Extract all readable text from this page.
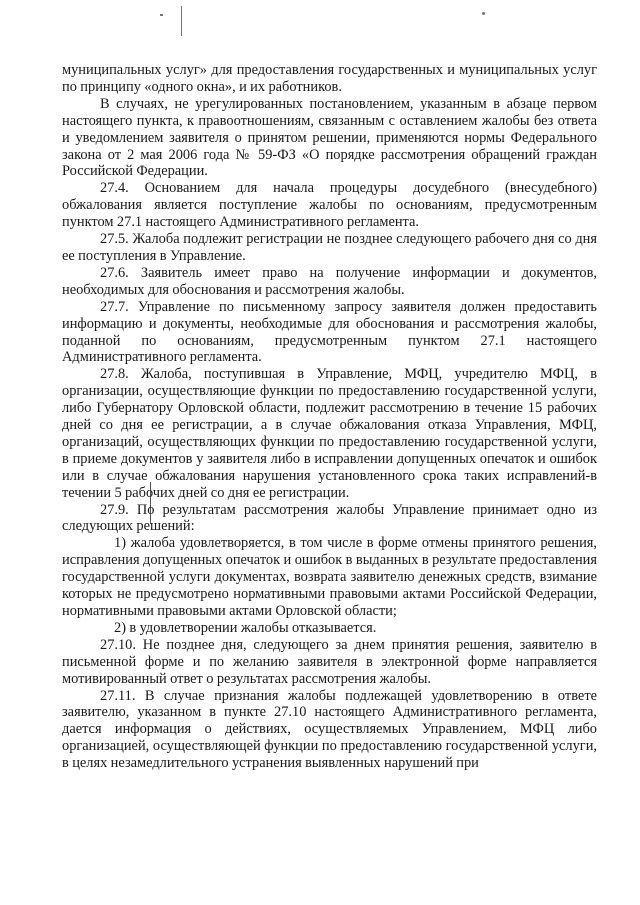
муниципальных услуг» для предоставления государственных и муниципальных услуг по принципу «одного окна», и их работников.

В случаях, не урегулированных постановлением, указанным в абзаце первом настоящего пункта, к правоотношениям, связанным с оставлением жалобы без ответа и уведомлением заявителя о принятом решении, применяются нормы Федерального закона от 2 мая 2006 года № 59-ФЗ «О порядке рассмотрения обращений граждан Российской Федерации.

27.4. Основанием для начала процедуры досудебного (внесудебного) обжалования является поступление жалобы по основаниям, предусмотренным пунктом 27.1 настоящего Административного регламента.

27.5. Жалоба подлежит регистрации не позднее следующего рабочего дня со дня ее поступления в Управление.

27.6. Заявитель имеет право на получение информации и документов, необходимых для обоснования и рассмотрения жалобы.

27.7. Управление по письменному запросу заявителя должен предоставить информацию и документы, необходимые для обоснования и рассмотрения жалобы, поданной по основаниям, предусмотренным пунктом 27.1 настоящего Административного регламента.

27.8. Жалоба, поступившая в Управление, МФЦ, учредителю МФЦ, в организации, осуществляющие функции по предоставлению государственной услуги, либо Губернатору Орловской области, подлежит рассмотрению в течение 15 рабочих дней со дня ее регистрации, а в случае обжалования отказа Управления, МФЦ, организаций, осуществляющих функции по предоставлению государственной услуги, в приеме документов у заявителя либо в исправлении допущенных опечаток и ошибок или в случае обжалования нарушения установленного срока таких исправлений-в течении 5 рабочих дней со дня ее регистрации.

27.9. По результатам рассмотрения жалобы Управление принимает одно из следующих решений:

1) жалоба удовлетворяется, в том числе в форме отмены принятого решения, исправления допущенных опечаток и ошибок в выданных в результате предоставления государственной услуги документах, возврата заявителю денежных средств, взимание которых не предусмотрено нормативными правовыми актами Российской Федерации, нормативными правовыми актами Орловской области;

2) в удовлетворении жалобы отказывается.

27.10. Не позднее дня, следующего за днем принятия решения, заявителю в письменной форме и по желанию заявителя в электронной форме направляется мотивированный ответ о результатах рассмотрения жалобы.

27.11. В случае признания жалобы подлежащей удовлетворению в ответе заявителю, указанном в пункте 27.10 настоящего Административного регламента, дается информация о действиях, осуществляемых Управлением, МФЦ либо организацией, осуществляющей функции по предоставлению государственной услуги, в целях незамедлительного устранения выявленных нарушений при
